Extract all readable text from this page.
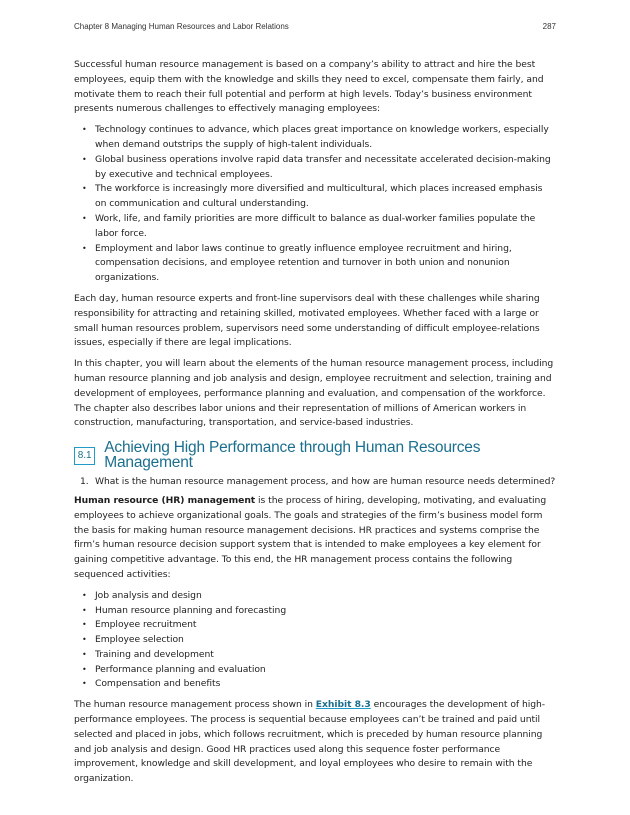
Chapter 8 Managing Human Resources and Labor Relations	287

Successful human resource management is based on a company’s ability to attract and hire the best employees, equip them with the knowledge and skills they need to excel, compensate them fairly, and motivate them to reach their full potential and perform at high levels. Today’s business environment presents numerous challenges to effectively managing employees:

• Technology continues to advance, which places great importance on knowledge workers, especially when demand outstrips the supply of high-talent individuals.
• Global business operations involve rapid data transfer and necessitate accelerated decision-making by executive and technical employees.
• The workforce is increasingly more diversified and multicultural, which places increased emphasis on communication and cultural understanding.
• Work, life, and family priorities are more difficult to balance as dual-worker families populate the labor force.
• Employment and labor laws continue to greatly influence employee recruitment and hiring, compensation decisions, and employee retention and turnover in both union and nonunion organizations.

Each day, human resource experts and front-line supervisors deal with these challenges while sharing responsibility for attracting and retaining skilled, motivated employees. Whether faced with a large or small human resources problem, supervisors need some understanding of difficult employee-relations issues, especially if there are legal implications.

In this chapter, you will learn about the elements of the human resource management process, including human resource planning and job analysis and design, employee recruitment and selection, training and development of employees, performance planning and evaluation, and compensation of the workforce. The chapter also describes labor unions and their representation of millions of American workers in construction, manufacturing, transportation, and service-based industries.

8.1 Achieving High Performance through Human Resources Management
1. What is the human resource management process, and how are human resource needs determined?

Human resource (HR) management is the process of hiring, developing, motivating, and evaluating employees to achieve organizational goals. The goals and strategies of the firm’s business model form the basis for making human resource management decisions. HR practices and systems comprise the firm’s human resource decision support system that is intended to make employees a key element for gaining competitive advantage. To this end, the HR management process contains the following sequenced activities:

• Job analysis and design
• Human resource planning and forecasting
• Employee recruitment
• Employee selection
• Training and development
• Performance planning and evaluation
• Compensation and benefits

The human resource management process shown in Exhibit 8.3 encourages the development of high-performance employees. The process is sequential because employees can’t be trained and paid until selected and placed in jobs, which follows recruitment, which is preceded by human resource planning and job analysis and design. Good HR practices used along this sequence foster performance improvement, knowledge and skill development, and loyal employees who desire to remain with the organization.
